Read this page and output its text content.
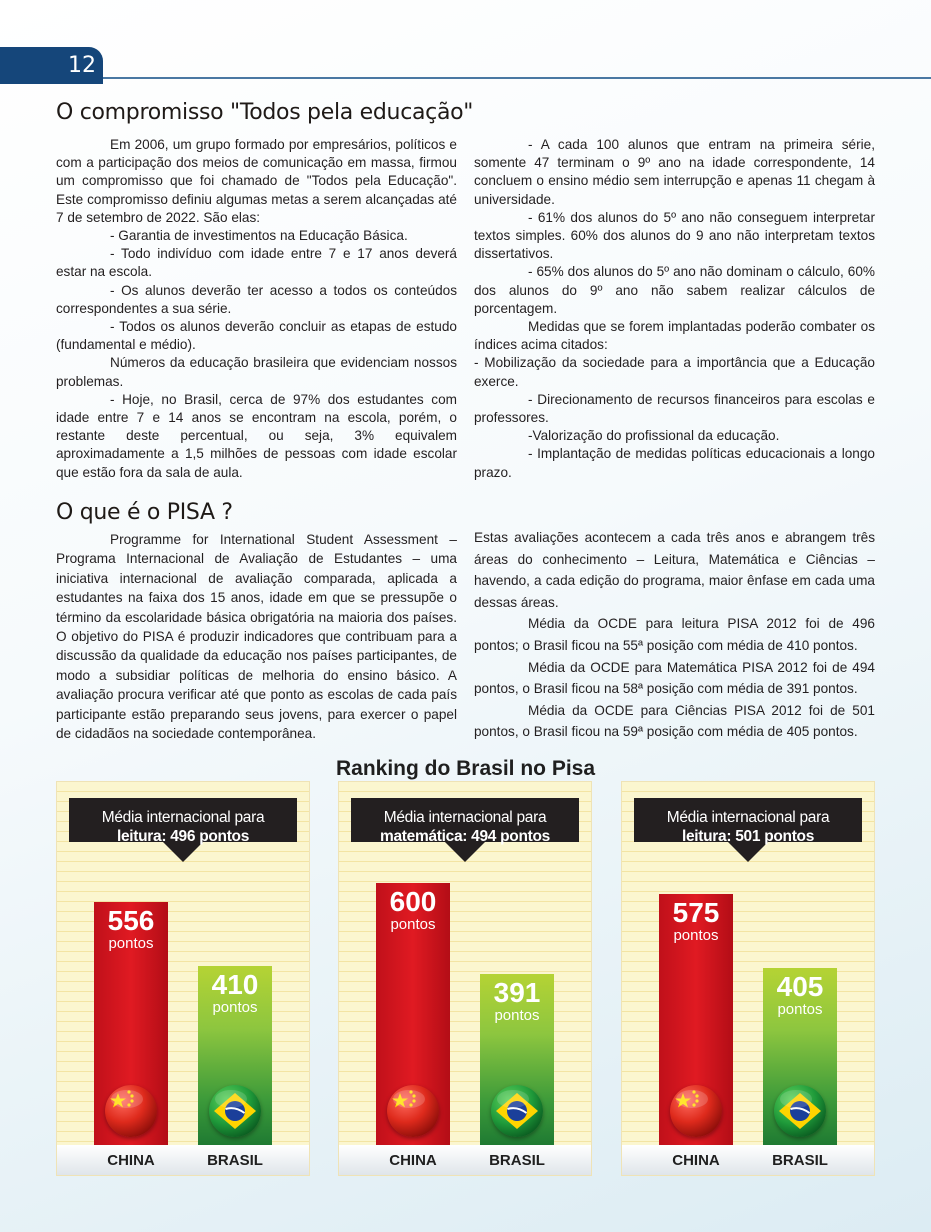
12
O compromisso "Todos pela educação"

Em 2006, um grupo formado por empresários, políticos e com a participação dos meios de comunicação em massa, firmou um compromisso que foi chamado de "Todos pela Educação". Este compromisso definiu algumas metas a serem alcançadas até 7 de setembro de 2022. São elas:

- Garantia de investimentos na Educação Básica.

- Todo indivíduo com idade entre 7 e 17 anos deverá estar na escola.

- Os alunos deverão ter acesso a todos os conteúdos correspondentes a sua série.

- Todos os alunos deverão concluir as etapas de estudo (fundamental e médio).

Números da educação brasileira que evidenciam nossos problemas.

- Hoje, no Brasil, cerca de 97% dos estudantes com idade entre 7 e 14 anos se encontram na escola, porém, o restante deste percentual, ou seja, 3% equivalem aproximadamente a 1,5 milhões de pessoas com idade escolar que estão fora da sala de aula.

- A cada 100 alunos que entram na primeira série, somente 47 terminam o 9º ano na idade correspondente, 14 concluem o ensino médio sem interrupção e apenas 11 chegam à universidade.

- 61% dos alunos do 5º ano não conseguem interpretar textos simples. 60% dos alunos do 9 ano não interpretam textos dissertativos.

- 65% dos alunos do 5º ano não dominam o cálculo, 60% dos alunos do 9º ano não sabem realizar cálculos de porcentagem.

Medidas que se forem implantadas poderão combater os índices acima citados:

- Mobilização da sociedade para a importância que a Educação exerce.

- Direcionamento de recursos financeiros para escolas e professores.

-Valorização do profissional da educação.

- Implantação de medidas políticas educacionais a longo prazo.

O que é o PISA ?

Programme for International Student Assessment – Programa Internacional de Avaliação de Estudantes – uma iniciativa internacional de avaliação comparada, aplicada a estudantes na faixa dos 15 anos, idade em que se pressupõe o término da escolaridade básica obrigatória na maioria dos países. O objetivo do PISA é produzir indicadores que contribuam para a discussão da qualidade da educação nos países participantes, de modo a subsidiar políticas de melhoria do ensino básico. A avaliação procura verificar até que ponto as escolas de cada país participante estão preparando seus jovens, para exercer o papel de cidadãos na sociedade contemporânea.

Estas avaliações acontecem a cada três anos e abrangem três áreas do conhecimento – Leitura, Matemática e Ciências – havendo, a cada edição do programa, maior ênfase em cada uma dessas áreas.

Média da OCDE para leitura PISA 2012 foi de 496 pontos; o Brasil ficou na 55ª posição com média de 410 pontos.

Média da OCDE para Matemática PISA 2012 foi de 494 pontos, o Brasil ficou na 58ª posição com média de 391 pontos.

Média da OCDE para Ciências PISA 2012 foi de 501 pontos, o Brasil ficou na 59ª posição com média de 405 pontos.

Ranking do Brasil no Pisa
Média internacional para
leitura: 496 pontos
556
pontos
410
pontos
CHINA	BRASIL
Média internacional para
matemática: 494 pontos
600
pontos
391
pontos
CHINA	BRASIL
Média internacional para
leitura: 501 pontos
575
pontos
405
pontos
CHINA	BRASIL
